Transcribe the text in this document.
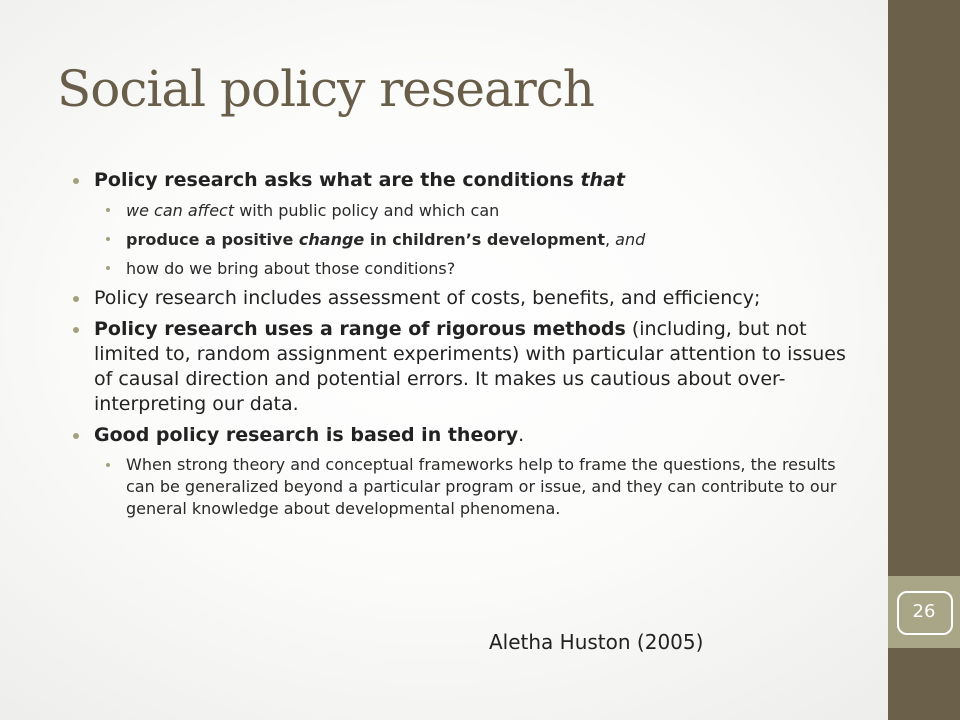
26
Social policy research
Policy research asks what are the conditions that
we can affect with public policy and which can
produce a positive change in children’s development, and
how do we bring about those conditions?
Policy research includes assessment of costs, benefits, and efficiency;
Policy research uses a range of rigorous methods (including, but not limited to, random assignment experiments) with particular attention to issues of causal direction and potential errors. It makes us cautious about over-interpreting our data.
Good policy research is based in theory.
When strong theory and conceptual frameworks help to frame the questions, the results can be generalized beyond a particular program or issue, and they can contribute to our general knowledge about developmental phenomena.
Aletha Huston (2005)
